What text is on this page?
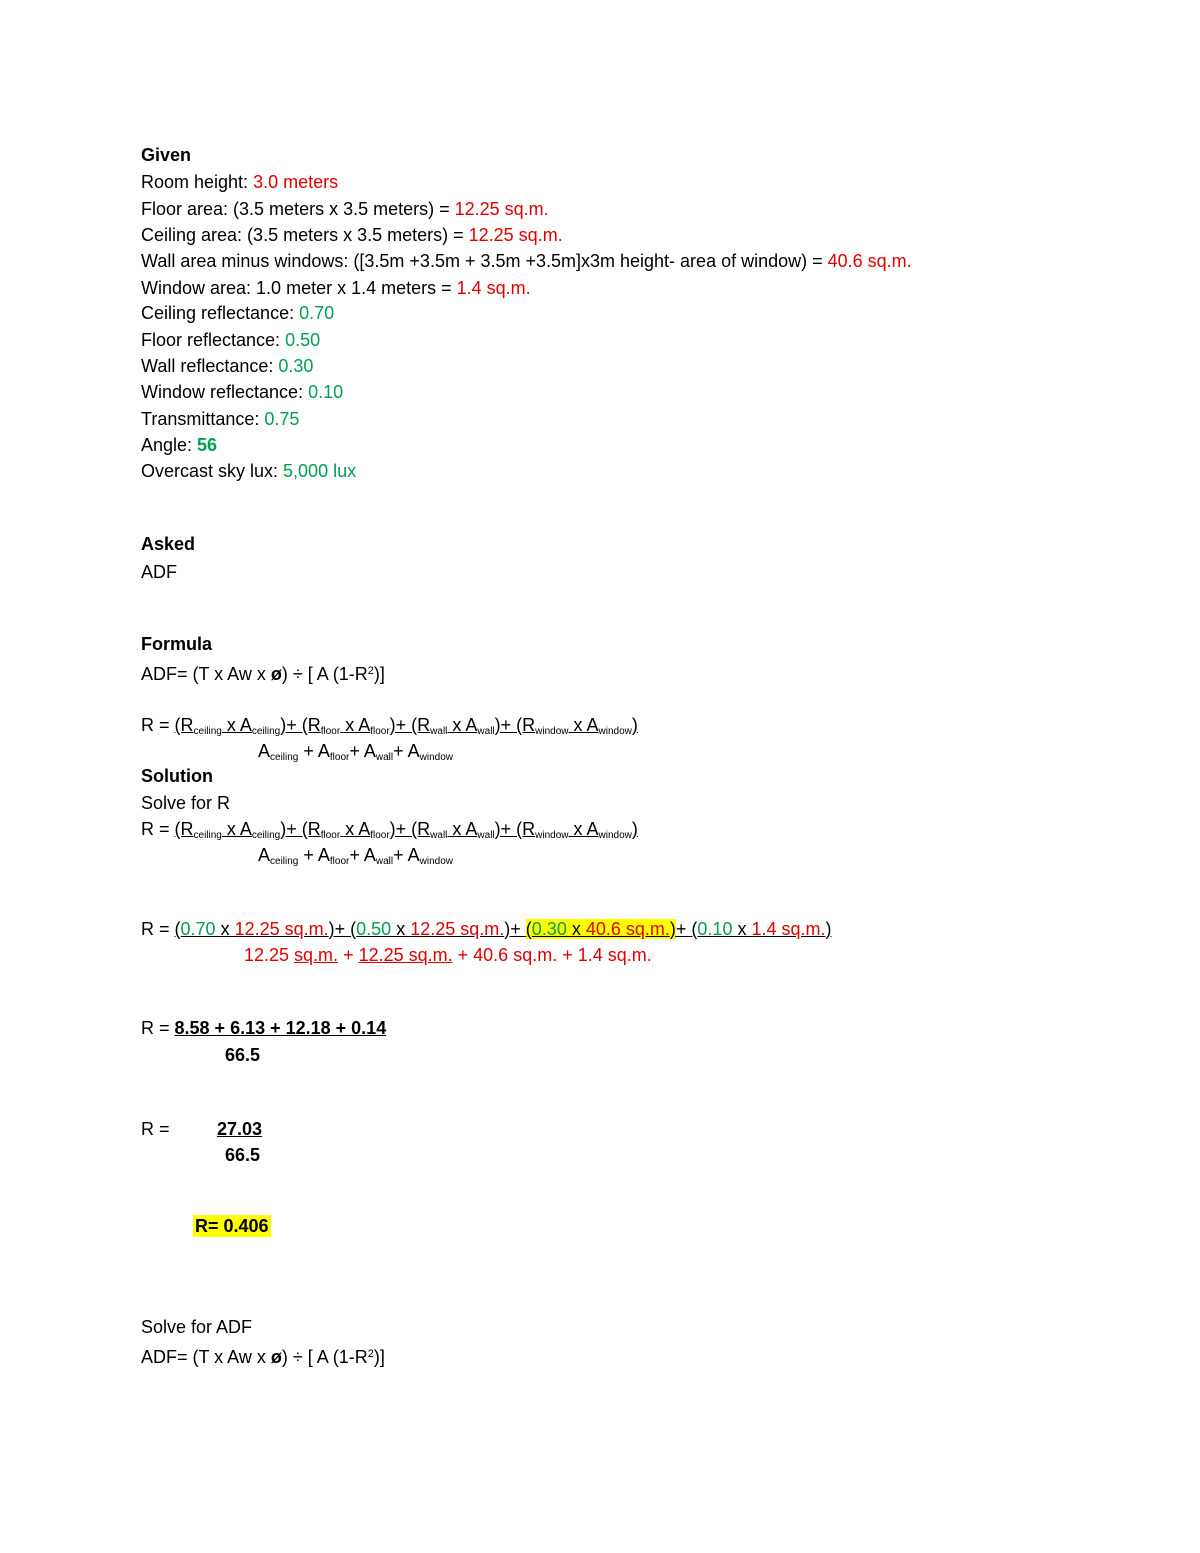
Given
Room height: 3.0 meters
Floor area: (3.5 meters x 3.5 meters) = 12.25 sq.m.
Ceiling area: (3.5 meters x 3.5 meters) = 12.25 sq.m.
Wall area minus windows: ([3.5m +3.5m + 3.5m +3.5m]x3m height- area of window) = 40.6 sq.m.
Window area: 1.0 meter x 1.4 meters = 1.4 sq.m.
Ceiling reflectance: 0.70
Floor reflectance: 0.50
Wall reflectance: 0.30
Window reflectance: 0.10
Transmittance: 0.75
Angle: 56
Overcast sky lux: 5,000 lux
Asked
ADF
Formula
ADF= (T x Aw x ø) ÷ [ A $(1-R^2)$]
$R = (R_{ceiling}$ x $A_{ceiling})+ (R_{floor}$ x $A_{floor})+ (R_{wall}$ x $A_{wall})+ (R_{window}$ x $A_{window}$)
$A_{ceiling} + A_{floor}+ A_{wall}+ A_{window}$
Solution
Solve for R
$R = (R_{ceiling}$ x $A_{ceiling})+ (R_{floor}$ x $A_{floor})+ (R_{wall}$ x $A_{wall})+ (R_{window}$ x $A_{window}$)
$A_{ceiling} + A_{floor}+ A_{wall}+ A_{window}$
R = (0.70 x 12.25 sq.m.)+ (0.50 x 12.25 sq.m.)+ (0.30 x 40.6 sq.m.)+ (0.10 x 1.4 sq.m.)
12.25 sq.m. + 12.25 sq.m. + 40.6 sq.m. + 1.4 sq.m.
R = 8.58 + 6.13 + 12.18 + 0.14
66.5
R =	27.03
66.5
R= 0.406
Solve for ADF
ADF= (T x Aw x ø) ÷ [ A $(1-R^2)$]
